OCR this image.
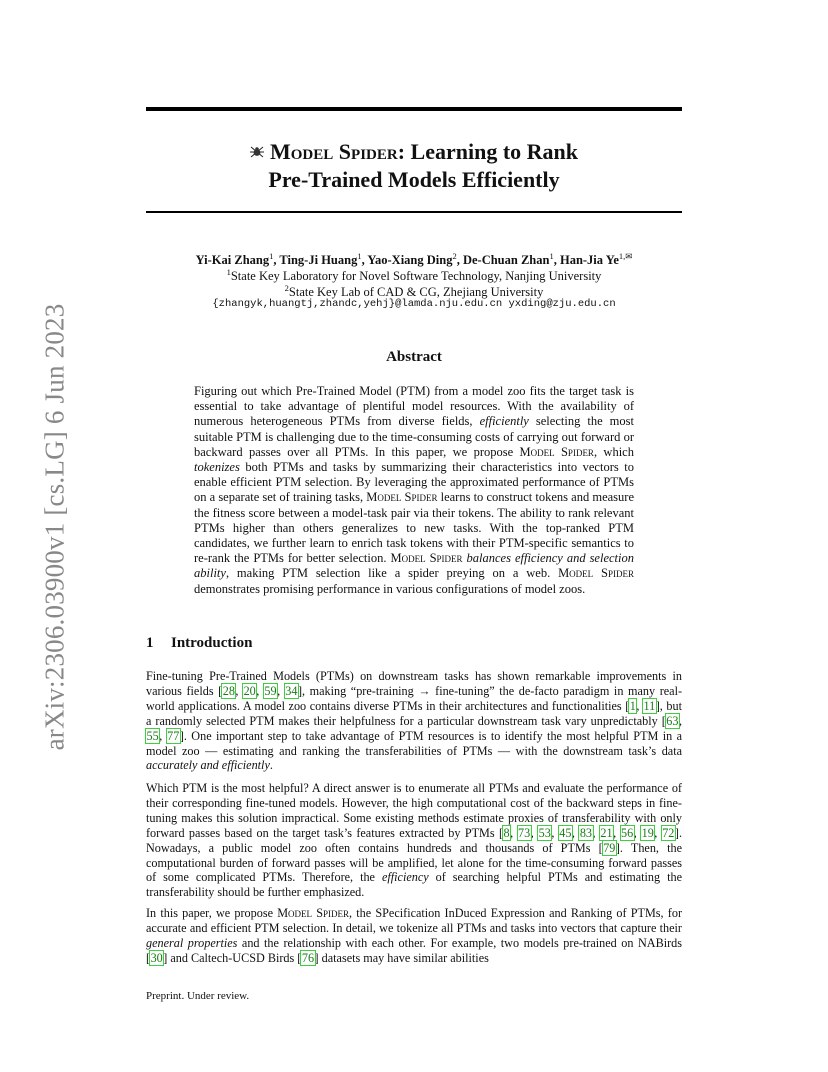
arXiv:2306.03900v1 [cs.LG] 6 Jun 2023
Model Spider: Learning to Rank
Pre-Trained Models Efficiently
Yi-Kai Zhang$^1$, Ting-Ji Huang$^1$, Yao-Xiang Ding$^2$, De-Chuan Zhan$^1$, Han-Jia $Ye^{1,✉}$
$^1$State Key Laboratory for Novel Software Technology, Nanjing University
$^2$State Key Lab of CAD & CG, Zhejiang University
{zhangyk,huangtj,zhandc,yehj}@lamda.nju.edu.cn yxding@zju.edu.cn
Abstract
Figuring out which Pre-Trained Model (PTM) from a model zoo fits the target task is essential to take advantage of plentiful model resources. With the availability of numerous heterogeneous PTMs from diverse fields, efficiently selecting the most suitable PTM is challenging due to the time-consuming costs of carrying out forward or backward passes over all PTMs. In this paper, we propose Model Spider, which tokenizes both PTMs and tasks by summarizing their characteristics into vectors to enable efficient PTM selection. By leveraging the approximated performance of PTMs on a separate set of training tasks, Model Spider learns to construct tokens and measure the fitness score between a model-task pair via their tokens. The ability to rank relevant PTMs higher than others generalizes to new tasks. With the top-ranked PTM candidates, we further learn to enrich task tokens with their PTM-specific semantics to re-rank the PTMs for better selection. Model Spider balances efficiency and selection ability, making PTM selection like a spider preying on a web. Model Spider demonstrates promising performance in various configurations of model zoos.
1 Introduction
Fine-tuning Pre-Trained Models (PTMs) on downstream tasks has shown remarkable improvements in various fields [28, 20, 59, 34], making “pre-training → fine-tuning” the de-facto paradigm in many real-world applications. A model zoo contains diverse PTMs in their architectures and functionalities [1, 11], but a randomly selected PTM makes their helpfulness for a particular downstream task vary unpredictably [63, 55, 77]. One important step to take advantage of PTM resources is to identify the most helpful PTM in a model zoo — estimating and ranking the transferabilities of PTMs — with the downstream task’s data accurately and efficiently.
Which PTM is the most helpful? A direct answer is to enumerate all PTMs and evaluate the performance of their corresponding fine-tuned models. However, the high computational cost of the backward steps in fine-tuning makes this solution impractical. Some existing methods estimate proxies of transferability with only forward passes based on the target task’s features extracted by PTMs [8, 73, 53, 45, 83, 21, 56, 19, 72]. Nowadays, a public model zoo often contains hundreds and thousands of PTMs [79]. Then, the computational burden of forward passes will be amplified, let alone for the time-consuming forward passes of some complicated PTMs. Therefore, the efficiency of searching helpful PTMs and estimating the transferability should be further emphasized.
In this paper, we propose Model Spider, the SPecification InDuced Expression and Ranking of PTMs, for accurate and efficient PTM selection. In detail, we tokenize all PTMs and tasks into vectors that capture their general properties and the relationship with each other. For example, two models pre-trained on NABirds [30] and Caltech-UCSD Birds [76] datasets may have similar abilities
Preprint. Under review.
